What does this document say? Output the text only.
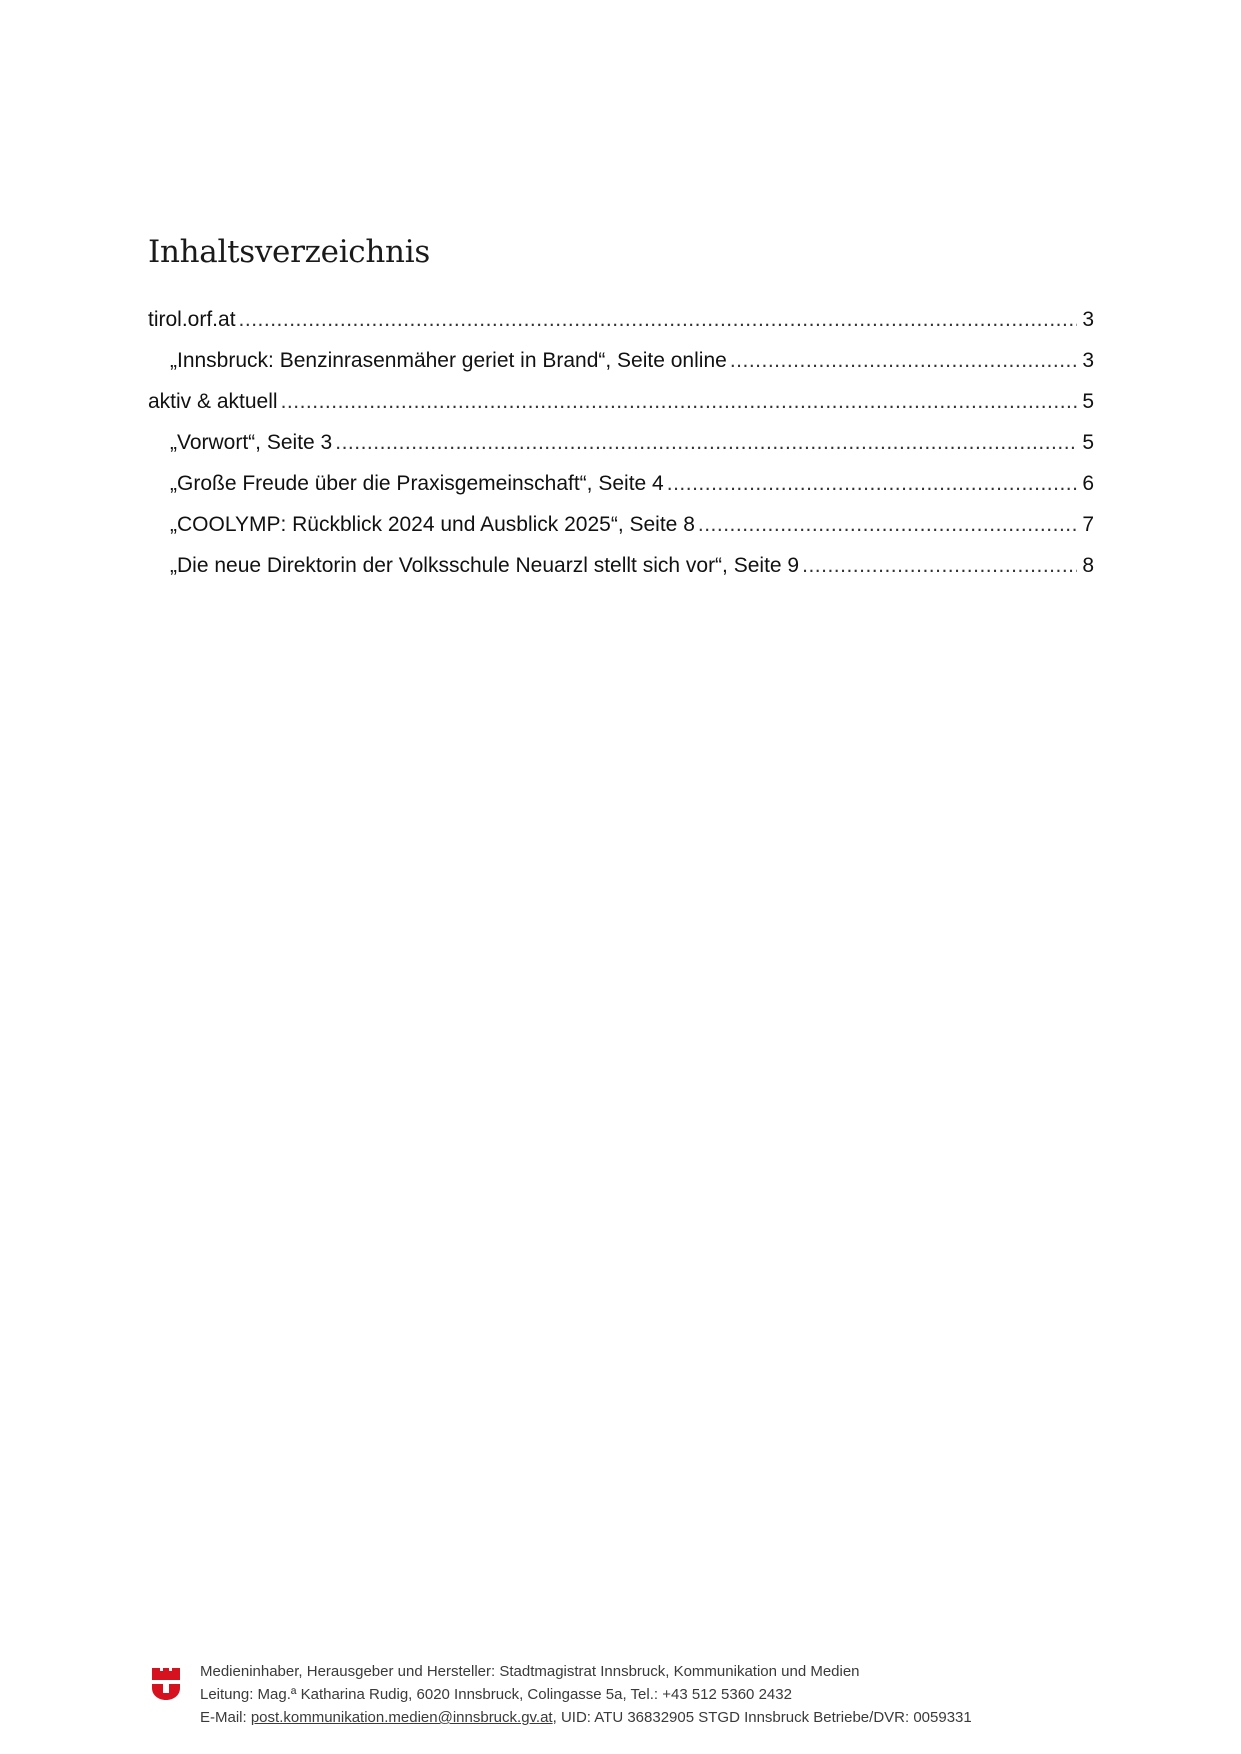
Inhaltsverzeichnis
tirol.orf.at .....	3
„Innsbruck: Benzinrasenmäher geriet in Brand“, Seite online .....	3
aktiv & aktuell .....	5
„Vorwort“, Seite 3 .....	5
„Große Freude über die Praxisgemeinschaft“, Seite 4 .....	6
„COOLYMP: Rückblick 2024 und Ausblick 2025“, Seite 8 .....	7
„Die neue Direktorin der Volksschule Neuarzl stellt sich vor“, Seite 9 .....	8
Medieninhaber, Herausgeber und Hersteller: Stadtmagistrat Innsbruck, Kommunikation und Medien
Leitung: Mag.ª Katharina Rudig, 6020 Innsbruck, Colingasse 5a, Tel.: +43 512 5360 2432
E-Mail: post.kommunikation.medien@innsbruck.gv.at, UID: ATU 36832905 STGD Innsbruck Betriebe/DVR: 0059331
